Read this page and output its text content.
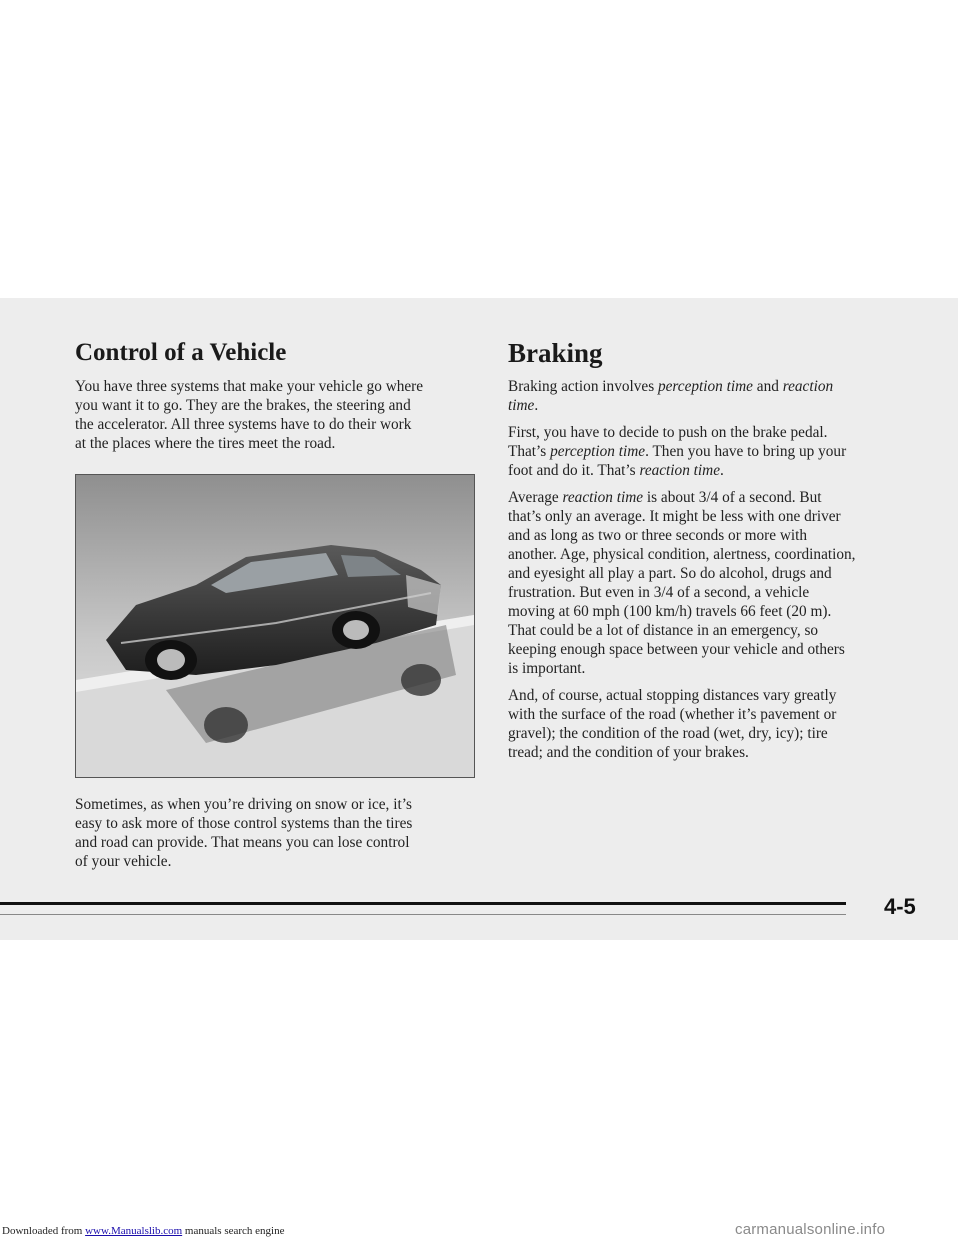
Control of a Vehicle

You have three systems that make your vehicle go where
you want it to go. They are the brakes, the steering and
the accelerator. All three systems have to do their work
at the places where the tires meet the road.

Sometimes, as when you’re driving on snow or ice, it’s
easy to ask more of those control systems than the tires
and road can provide. That means you can lose control
of your vehicle.

Braking

Braking action involves perception time and reaction
time.

First, you have to decide to push on the brake pedal.
That’s perception time. Then you have to bring up your
foot and do it. That’s reaction time.

Average reaction time is about 3/4 of a second. But
that’s only an average. It might be less with one driver
and as long as two or three seconds or more with
another. Age, physical condition, alertness, coordination,
and eyesight all play a part. So do alcohol, drugs and
frustration. But even in 3/4 of a second, a vehicle
moving at 60 mph (100 km/h) travels 66 feet (20 m).
That could be a lot of distance in an emergency, so
keeping enough space between your vehicle and others
is important.

And, of course, actual stopping distances vary greatly
with the surface of the road (whether it’s pavement or
gravel); the condition of the road (wet, dry, icy); tire
tread; and the condition of your brakes.

4-5
Downloaded from www.Manualslib.com manuals search engine	carmanualsonline.info
